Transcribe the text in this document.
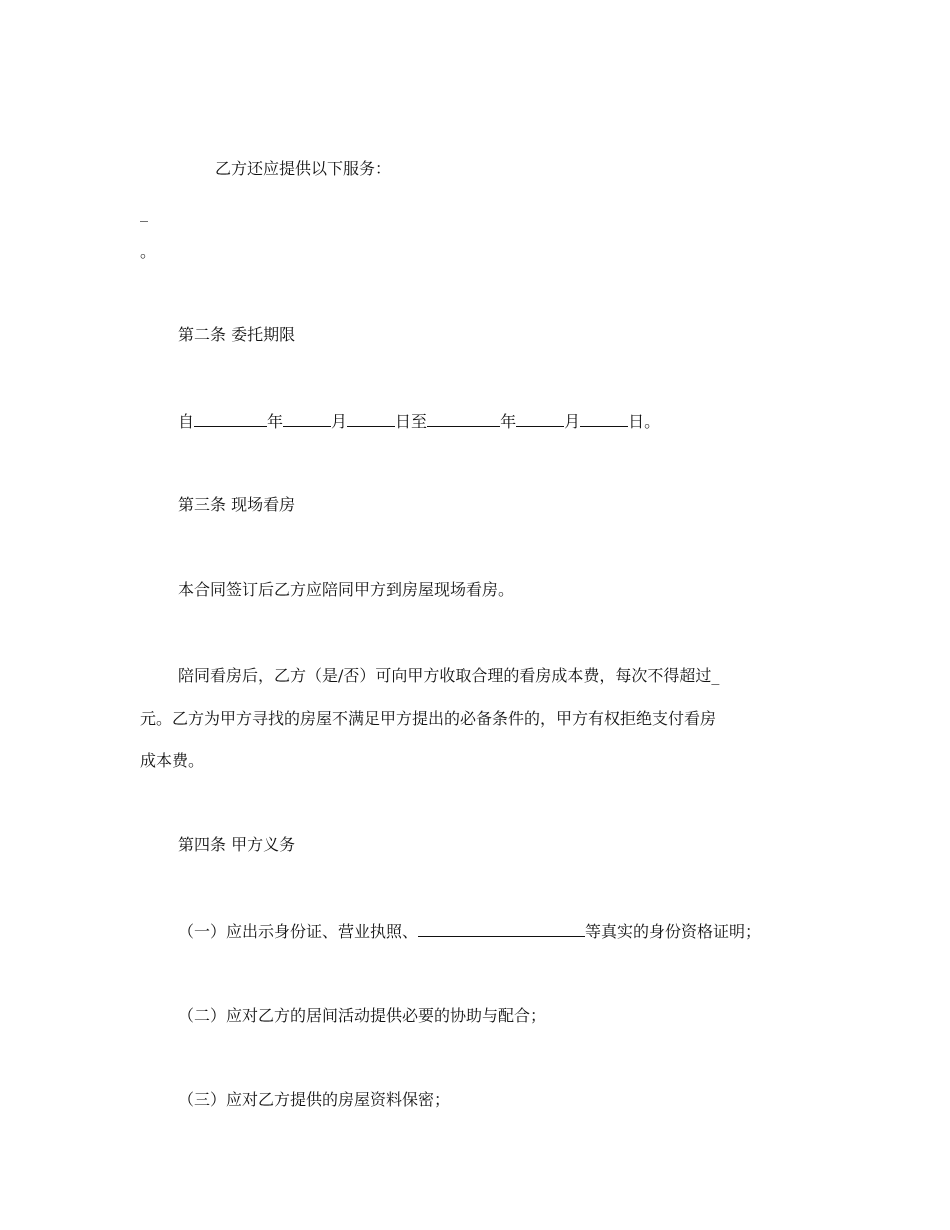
乙方还应提供以下服务：
_
。
第二条 委托期限
自	年	月	日至	年	月	日。
第三条 现场看房
本合同签订后乙方应陪同甲方到房屋现场看房。
陪同看房后，乙方（是/否）可向甲方收取合理的看房成本费，每次不得超过_
元。乙方为甲方寻找的房屋不满足甲方提出的必备条件的，甲方有权拒绝支付看房
成本费。
第四条 甲方义务
（一）应出示身份证、营业执照、	等真实的身份资格证明；
（二）应对乙方的居间活动提供必要的协助与配合；
（三）应对乙方提供的房屋资料保密；
